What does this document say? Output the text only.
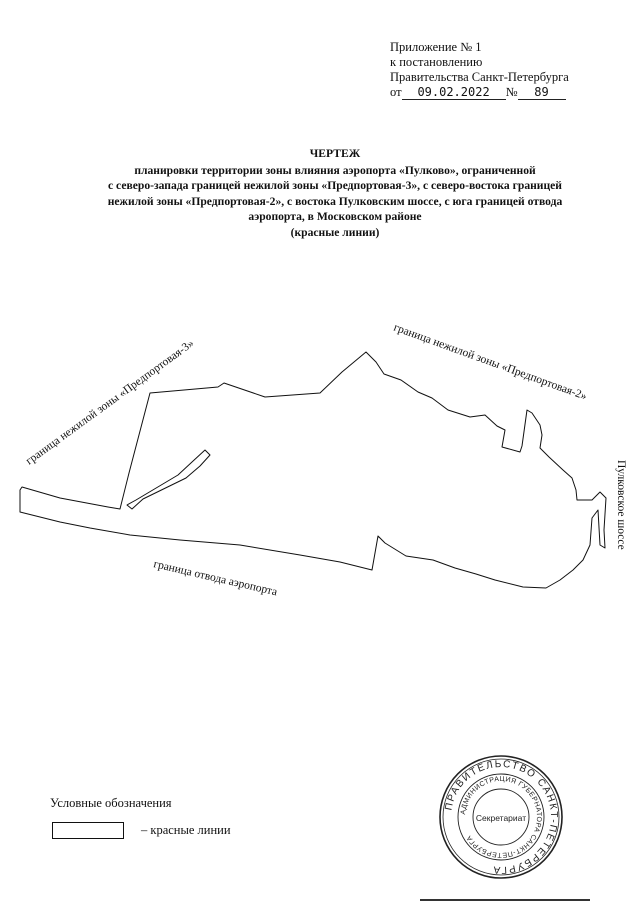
Приложение № 1
к постановлению
Правительства Санкт-Петербурга
от 09.02.2022 № 89
ЧЕРТЕЖ
планировки территории зоны влияния аэропорта «Пулково», ограниченной
с северо-запада границей нежилой зоны «Предпортовая-3», с северо-востока границей
нежилой зоны «Предпортовая-2», с востока Пулковским шоссе, с юга границей отвода
аэропорта, в Московском районе
(красные линии)
граница нежилой зоны «Предпортовая-3»	граница нежилой зоны «Предпортовая-2»
Пулковское шоссе
граница отвода аэропорта
Условные обозначения
– красные линии
ПРАВИТЕЛЬСТВО САНКТ-ПЕТЕРБУРГА
АДМИНИСТРАЦИЯ ГУБЕРНАТОРА САНКТ-ПЕТЕРБУРГА
Секретариат
